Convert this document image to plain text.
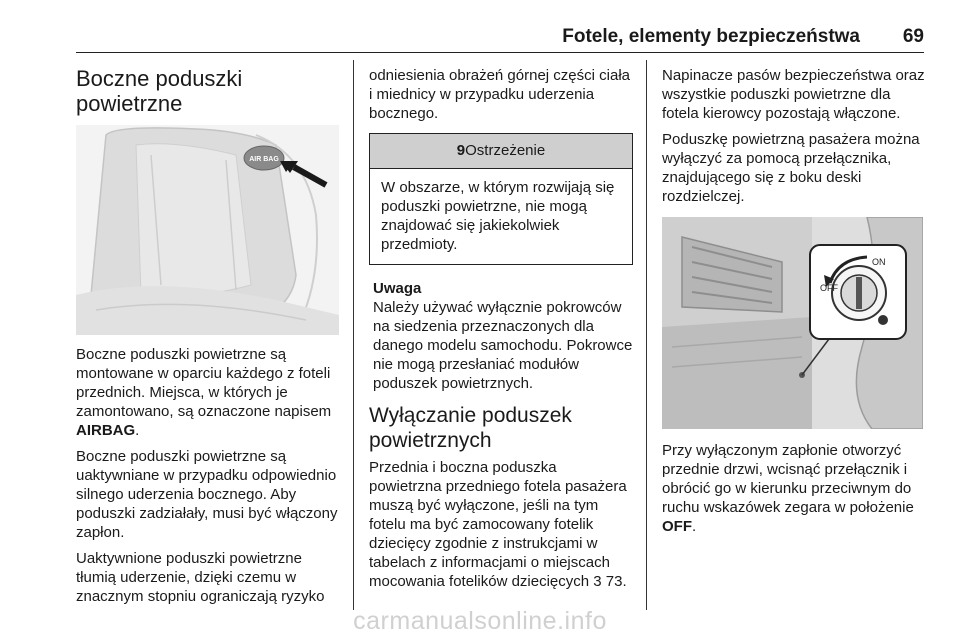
Fotele, elementy bezpieczeństwa 69
Boczne poduszki powietrzne
AIR BAG

Boczne poduszki powietrzne są montowane w oparciu każdego z foteli przednich. Miejsca, w których je zamontowano, są oznaczone napisem AIRBAG.

Boczne poduszki powietrzne są uaktywniane w przypadku odpowiednio silnego uderzenia bocznego. Aby poduszki zadziałały, musi być włączony zapłon.

Uaktywnione poduszki powietrzne tłumią uderzenie, dzięki czemu w znacznym stopniu ograniczają ryzyko

odniesienia obrażeń górnej części ciała i miednicy w przypadku uderzenia bocznego.

9Ostrzeżenie
W obszarze, w którym rozwijają się poduszki powietrzne, nie mogą znajdować się jakiekolwiek przedmioty.
Uwaga

Należy używać wyłącznie pokrowców na siedzenia przeznaczonych dla danego modelu samochodu. Pokrowce nie mogą przesłaniać modułów poduszek powietrznych.

Wyłączanie poduszek powietrznych

Przednia i boczna poduszka powietrzna przedniego fotela pasażera muszą być wyłączone, jeśli na tym fotelu ma być zamocowany fotelik dziecięcy zgodnie z instrukcjami w tabelach z informacjami o miejscach mocowania fotelików dziecięcych 3 73.

Napinacze pasów bezpieczeństwa oraz wszystkie poduszki powietrzne dla fotela kierowcy pozostają włączone.

Poduszkę powietrzną pasażera można wyłączyć za pomocą przełącznika, znajdującego się z boku deski rozdzielczej.

ON
OFF

Przy wyłączonym zapłonie otworzyć przednie drzwi, wcisnąć przełącznik i obrócić go w kierunku przeciwnym do ruchu wskazówek zegara w położenie OFF.

carmanualsonline.info
